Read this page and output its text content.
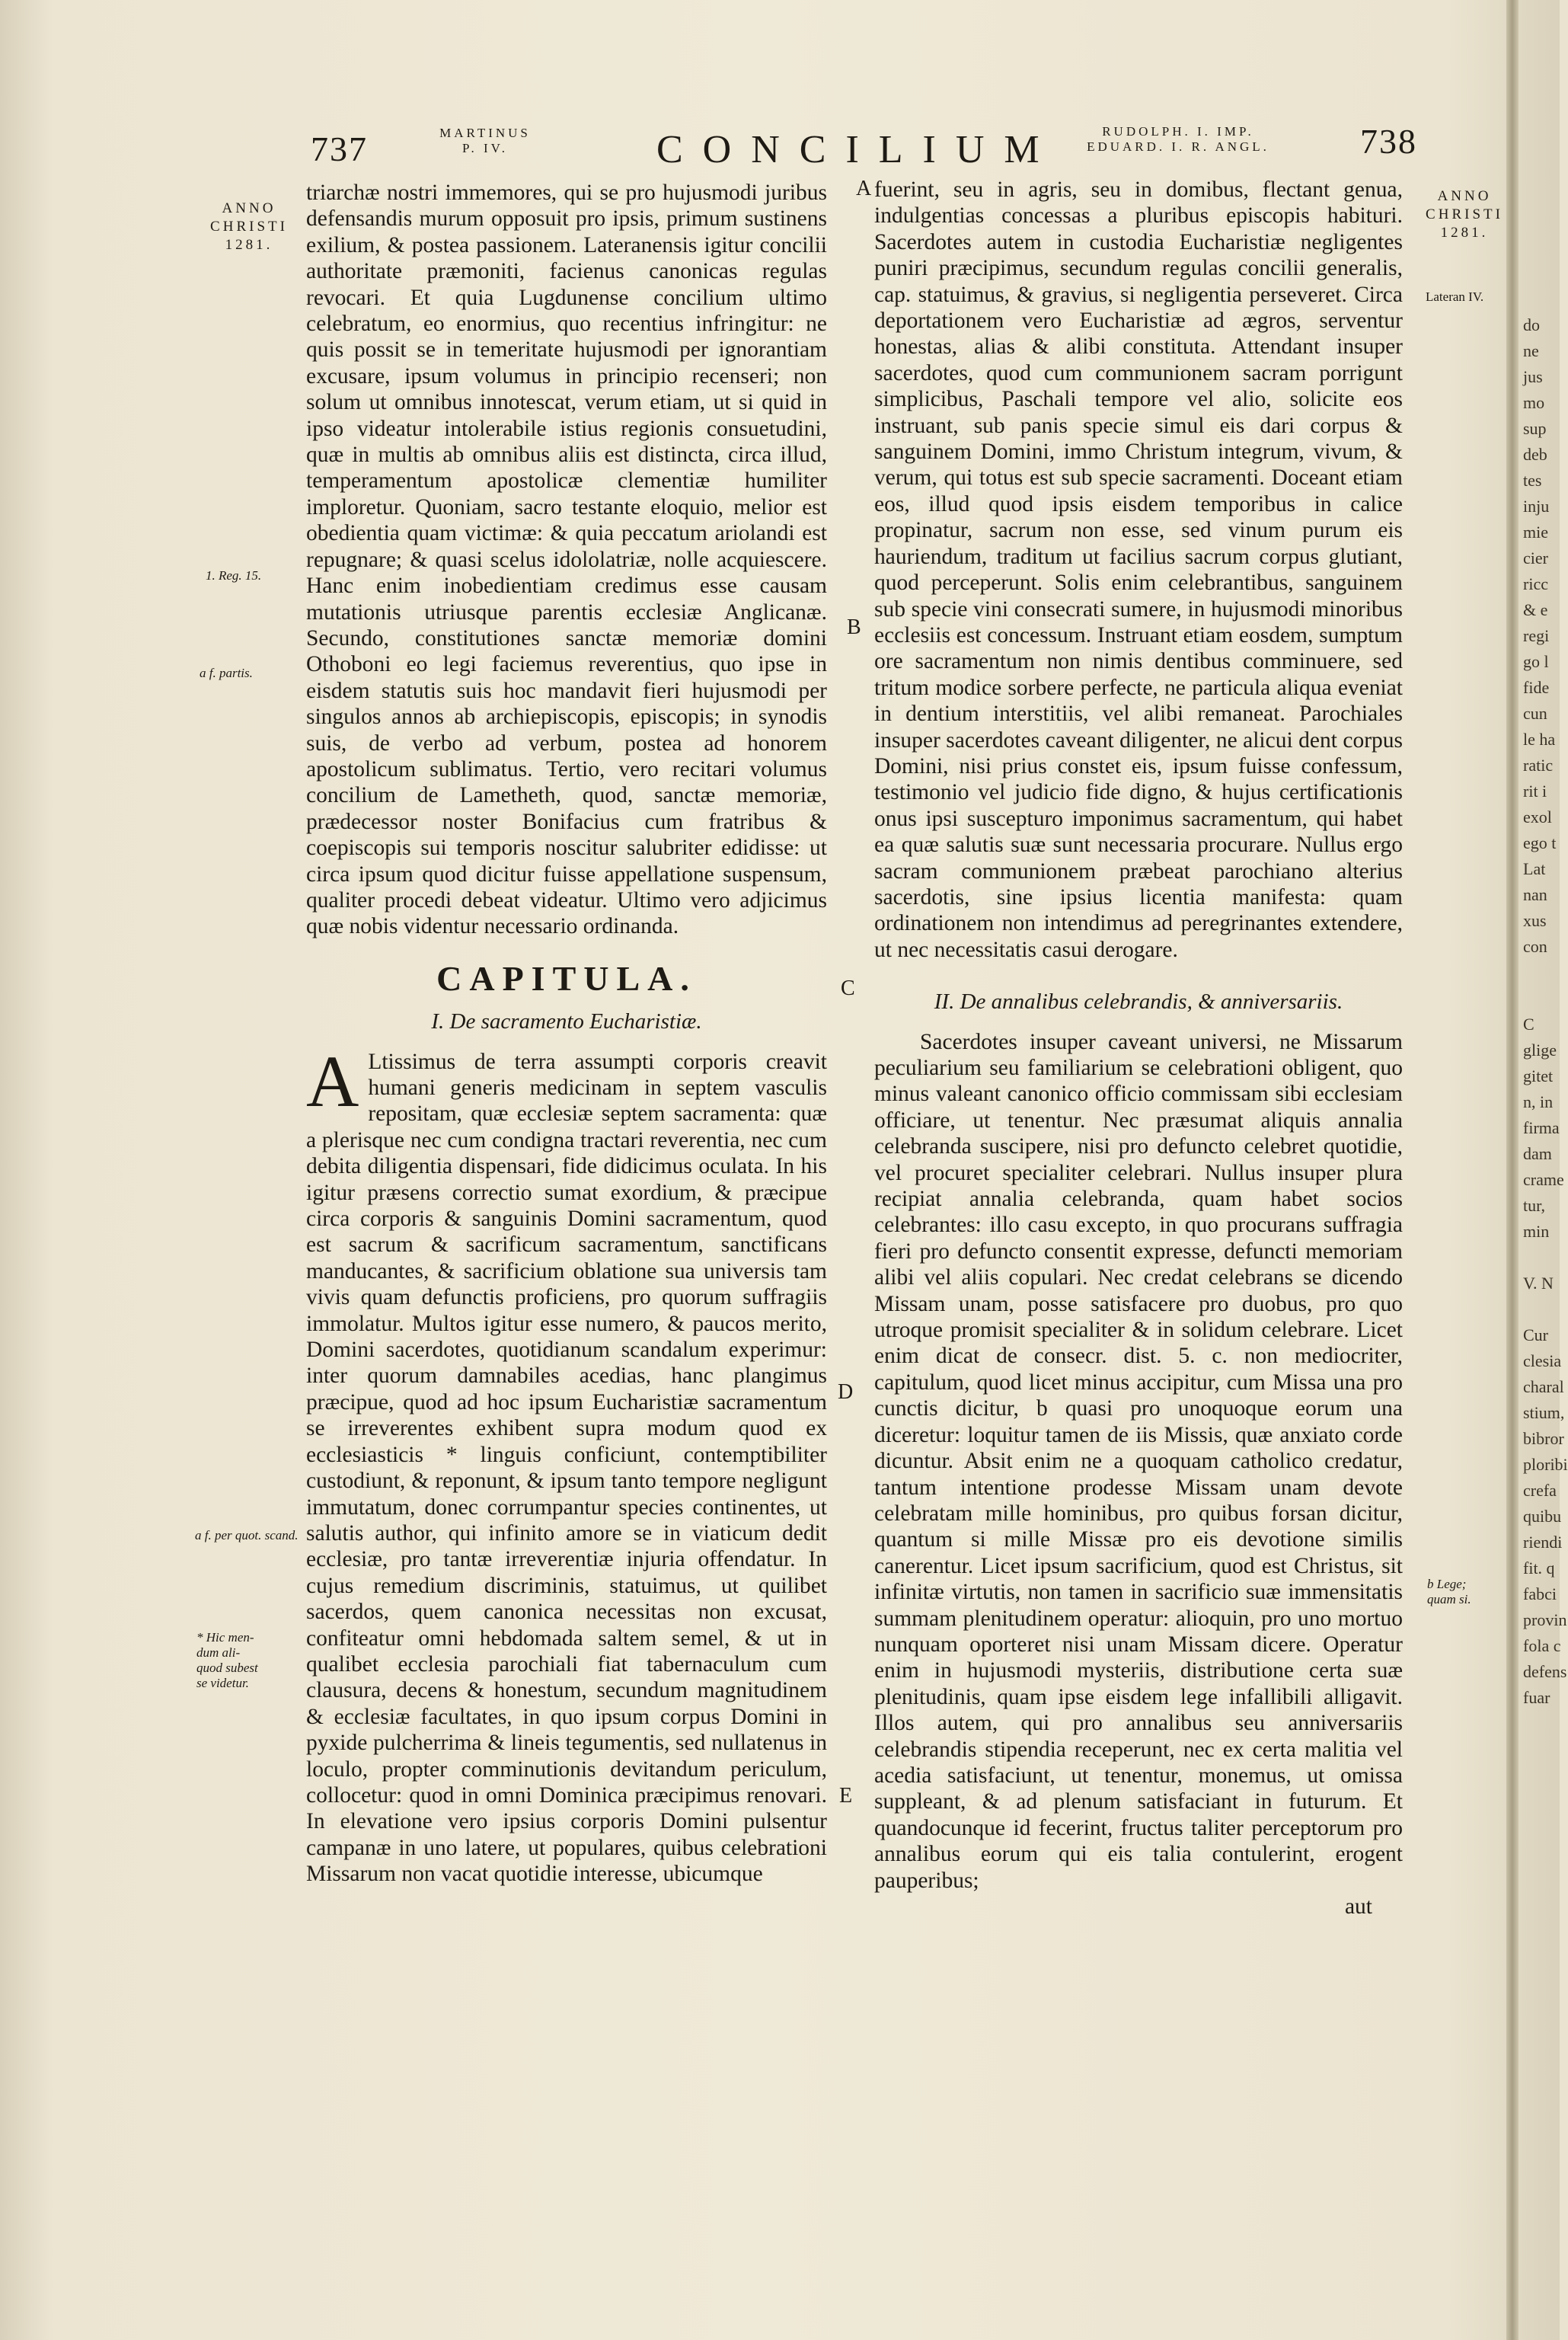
737	MARTINUS
P. IV.	CONCILIUM	RUDOLPH. I. IMP.
EDUARD. I. R. ANGL.	738
ANNO
CHRISTI
1281.
ANNO
CHRISTI
1281.
Lateran IV.
1. Reg. 15.
a f. partis.
a f. per quot. scand.
* Hic men-
dum ali-
quod subest
se videtur.
b Lege;
quam si.
A
B
C
D
E

triarchæ nostri immemores, qui se pro hujusmodi juribus defensandis murum opposuit pro ipsis, primum sustinens exilium, & postea passionem. Lateranensis igitur concilii authoritate præmoniti, facienus canonicas regulas revocari. Et quia Lugdunense concilium ultimo celebratum, eo enormius, quo recentius infringitur: ne quis possit se in temeritate hujusmodi per ignorantiam excusare, ipsum volumus in principio recenseri; non solum ut omnibus innotescat, verum etiam, ut si quid in ipso videatur intolerabile istius regionis consuetudini, quæ in multis ab omnibus aliis est distincta, circa illud, temperamentum apostolicæ clementiæ humiliter imploretur. Quoniam, sacro testante eloquio, melior est obedientia quam victimæ: & quia peccatum ariolandi est repugnare; & quasi scelus idololatriæ, nolle acquiescere. Hanc enim inobedientiam credimus esse causam mutationis utriusque parentis ecclesiæ Anglicanæ. Secundo, constitutiones sanctæ memoriæ domini Othoboni eo legi faciemus reverentius, quo ipse in eisdem statutis suis hoc mandavit fieri hujusmodi per singulos annos ab archiepiscopis, episcopis; in synodis suis, de verbo ad verbum, postea ad honorem apostolicum sublimatus. Tertio, vero recitari volumus concilium de Lametheth, quod, sanctæ memoriæ, prædecessor noster Bonifacius cum fratribus & coepiscopis sui temporis noscitur salubriter edidisse: ut circa ipsum quod dicitur fuisse appellatione suspensum, qualiter procedi debeat videatur. Ultimo vero adjicimus quæ nobis videntur necessario ordinanda.

CAPITULA.
I. De sacramento Eucharistiæ.

A Ltissimus de terra assumpti corporis creavit humani generis medicinam in septem vasculis repositam, quæ ecclesiæ septem sacramenta: quæ a plerisque nec cum condigna tractari reverentia, nec cum debita diligentia dispensari, fide didicimus oculata. In his igitur præsens correctio sumat exordium, & præcipue circa corporis & sanguinis Domini sacramentum, quod est sacrum & sacrificum sacramentum, sanctificans manducantes, & sacrificium oblatione sua universis tam vivis quam defunctis proficiens, pro quorum suffragiis immolatur. Multos igitur esse numero, & paucos merito, Domini sacerdotes, quotidianum scandalum experimur: inter quorum damnabiles acedias, hanc plangimus præcipue, quod ad hoc ipsum Eucharistiæ sacramentum se irreverentes exhibent supra modum quod ex ecclesiasticis * linguis conficiunt, contemptibiliter custodiunt, & reponunt, & ipsum tanto tempore negligunt immutatum, donec corrumpantur species continentes, ut salutis author, qui infinito amore se in viaticum dedit ecclesiæ, pro tantæ irreverentiæ injuria offendatur. In cujus remedium discriminis, statuimus, ut quilibet sacerdos, quem canonica necessitas non excusat, confiteatur omni hebdomada saltem semel, & ut in qualibet ecclesia parochiali fiat tabernaculum cum clausura, decens & honestum, secundum magnitudinem & ecclesiæ facultates, in quo ipsum corpus Domini in pyxide pulcherrima & lineis tegumentis, sed nullatenus in loculo, propter comminutionis devitandum periculum, collocetur: quod in omni Dominica præcipimus renovari. In elevatione vero ipsius corporis Domini pulsentur campanæ in uno latere, ut populares, quibus celebrationi Missarum non vacat quotidie interesse, ubicumque

fuerint, seu in agris, seu in domibus, flectant genua, indulgentias concessas a pluribus episcopis habituri. Sacerdotes autem in custodia Eucharistiæ negligentes puniri præcipimus, secundum regulas concilii generalis, cap. statuimus, & gravius, si negligentia perseveret. Circa deportationem vero Eucharistiæ ad ægros, serventur honestas, alias & alibi constituta. Attendant insuper sacerdotes, quod cum communionem sacram porrigunt simplicibus, Paschali tempore vel alio, solicite eos instruant, sub panis specie simul eis dari corpus & sanguinem Domini, immo Christum integrum, vivum, & verum, qui totus est sub specie sacramenti. Doceant etiam eos, illud quod ipsis eisdem temporibus in calice propinatur, sacrum non esse, sed vinum purum eis hauriendum, traditum ut facilius sacrum corpus glutiant, quod perceperunt. Solis enim celebrantibus, sanguinem sub specie vini consecrati sumere, in hujusmodi minoribus ecclesiis est concessum. Instruant etiam eosdem, sumptum ore sacramentum non nimis dentibus comminuere, sed tritum modice sorbere perfecte, ne particula aliqua eveniat in dentium interstitiis, vel alibi remaneat. Parochiales insuper sacerdotes caveant diligenter, ne alicui dent corpus Domini, nisi prius constet eis, ipsum fuisse confessum, testimonio vel judicio fide digno, & hujus certificationis onus ipsi suscepturo imponimus sacramentum, qui habet ea quæ salutis suæ sunt necessaria procurare. Nullus ergo sacram communionem præbeat parochiano alterius sacerdotis, sine ipsius licentia manifesta: quam ordinationem non intendimus ad peregrinantes extendere, ut nec necessitatis casui derogare.

II. De annalibus celebrandis, & anniversariis.

Sacerdotes insuper caveant universi, ne Missarum peculiarium seu familiarium se celebrationi obligent, quo minus valeant canonico officio commissam sibi ecclesiam officiare, ut tenentur. Nec præsumat aliquis annalia celebranda suscipere, nisi pro defuncto celebret quotidie, vel procuret specialiter celebrari. Nullus insuper plura recipiat annalia celebranda, quam habet socios celebrantes: illo casu excepto, in quo procurans suffragia fieri pro defuncto consentit expresse, defuncti memoriam alibi vel aliis copulari. Nec credat celebrans se dicendo Missam unam, posse satisfacere pro duobus, pro quo utroque promisit specialiter & in solidum celebrare. Licet enim dicat de consecr. dist. 5. c. non mediocriter, capitulum, quod licet minus accipitur, cum Missa una pro cunctis dicitur, b quasi pro unoquoque eorum una diceretur: loquitur tamen de iis Missis, quæ anxiato corde dicuntur. Absit enim ne a quoquam catholico credatur, tantum intentione prodesse Missam unam devote celebratam mille hominibus, pro quibus forsan dicitur, quantum si mille Missæ pro eis devotione similis canerentur. Licet ipsum sacrificium, quod est Christus, sit infinitæ virtutis, non tamen in sacrificio suæ immensitatis summam plenitudinem operatur: alioquin, pro uno mortuo nunquam oporteret nisi unam Missam dicere. Operatur enim in hujusmodi mysteriis, distributione certa suæ plenitudinis, quam ipse eisdem lege infallibili alligavit. Illos autem, qui pro annalibus seu anniversariis celebrandis stipendia receperunt, nec ex certa malitia vel acedia satisfaciunt, ut tenentur, monemus, ut omissa suppleant, & ad plenum satisfaciant in futurum. Et quandocunque id fecerint, fructus taliter perceptorum pro annalibus eorum qui eis talia contulerint, erogent pauperibus;

aut
do
ne
jus
mo
sup
deb
tes
inju
mie
cier
ricc
& e
regi
go l
fide
cun
le ha
ratic
rit i
exol
ego t
Lat
nan
xus
con

C
glige
gitet
n, in
firma
dam
crame
tur,
min

V. N

Cur
clesia
charal
stium,
bibror
ploribi
crefa
quibu
riendi
fit. q
fabci
provin
fola c
defens
fuar
